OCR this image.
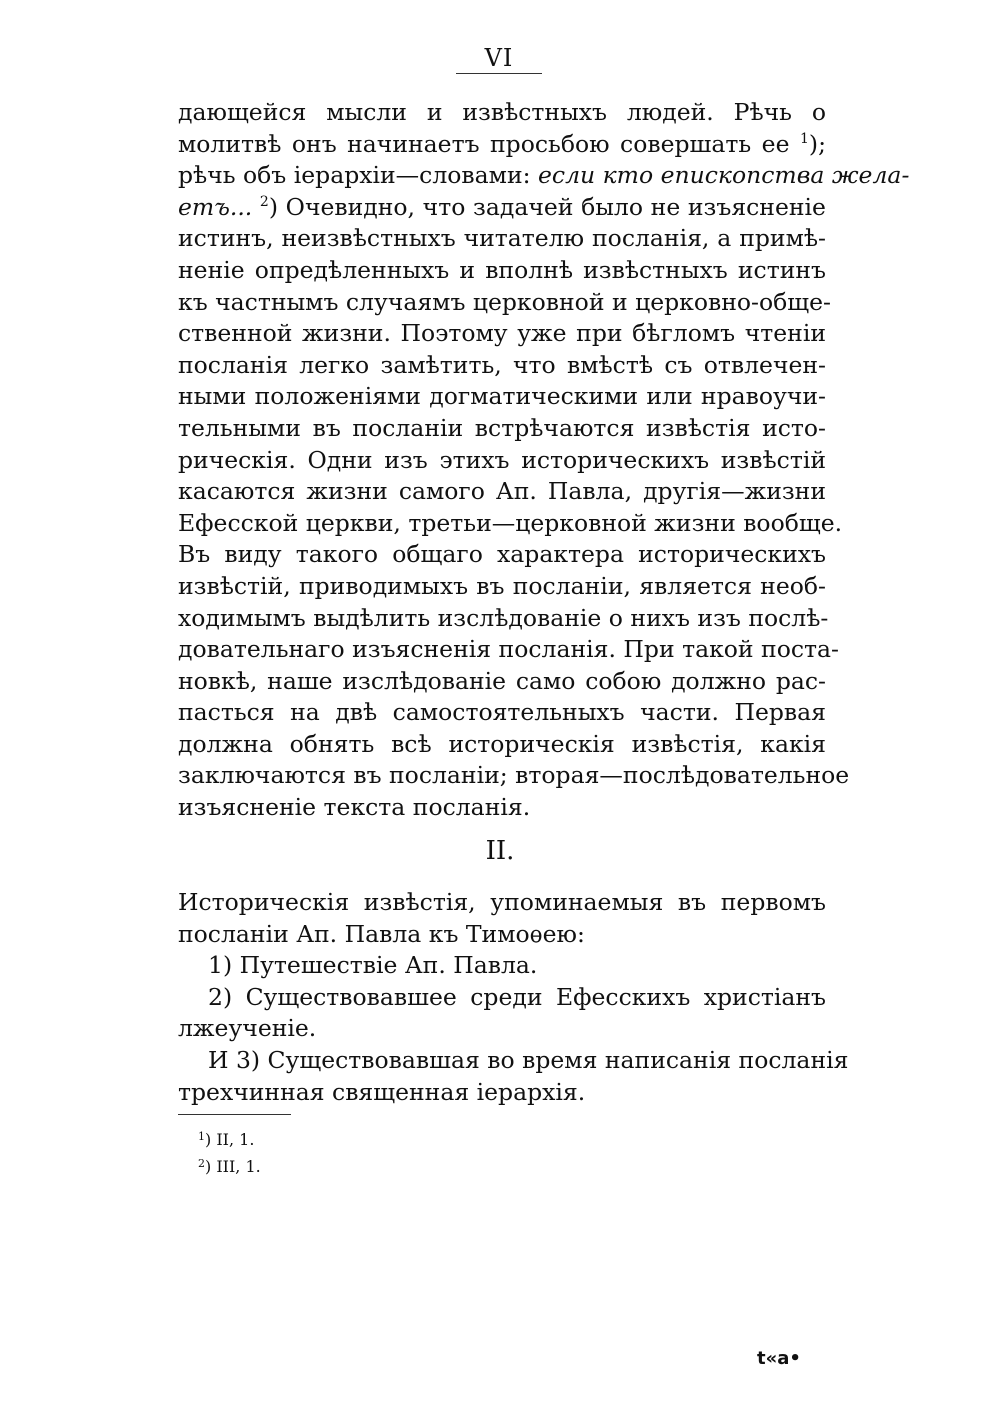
VI
дающейся мысли и извѣстныхъ людей. Рѣчь о
молитвѣ онъ начинаетъ просьбою совершать ее $^1$);
рѣчь объ іерархіи—словами: если кто епископства жела-
етъ... $^2$) Очевидно, что задачей было не изъясненіе
истинъ, неизвѣстныхъ читателю посланія, а примѣ-
неніе опредѣленныхъ и вполнѣ извѣстныхъ истинъ
къ частнымъ случаямъ церковной и церковно-обще-
ственной жизни. Поэтому уже при бѣгломъ чтеніи
посланія легко замѣтить, что вмѣстѣ съ отвлечен-
ными положеніями догматическими или нравоучи-
тельными въ посланіи встрѣчаются извѣстія исто-
рическія. Одни изъ этихъ историческихъ извѣстій
касаются жизни самого Ап. Павла, другія—жизни
Ефесской церкви, третьи—церковной жизни вообще.
Въ виду такого общаго характера историческихъ
извѣстій, приводимыхъ въ посланіи, является необ-
ходимымъ выдѣлить изслѣдованіе о нихъ изъ послѣ-
довательнаго изъясненія посланія. При такой поста-
новкѣ, наше изслѣдованіе само собою должно рас-
пасться на двѣ самостоятельныхъ части. Первая
должна обнять всѣ историческія извѣстія, какія
заключаются въ посланіи; вторая—послѣдовательное
изъясненіе текста посланія.
II.
Историческія извѣстія, упоминаемыя въ первомъ
посланіи Ап. Павла къ Тимоѳею:
1) Путешествіе Ап. Павла.
2) Существовавшее среди Ефесскихъ христіанъ
лжеученіе.
И 3) Существовавшая во время написанія посланія
трехчинная священная іерархія.
$^1$) II, 1.
$^2$) III, 1.
t«a•
